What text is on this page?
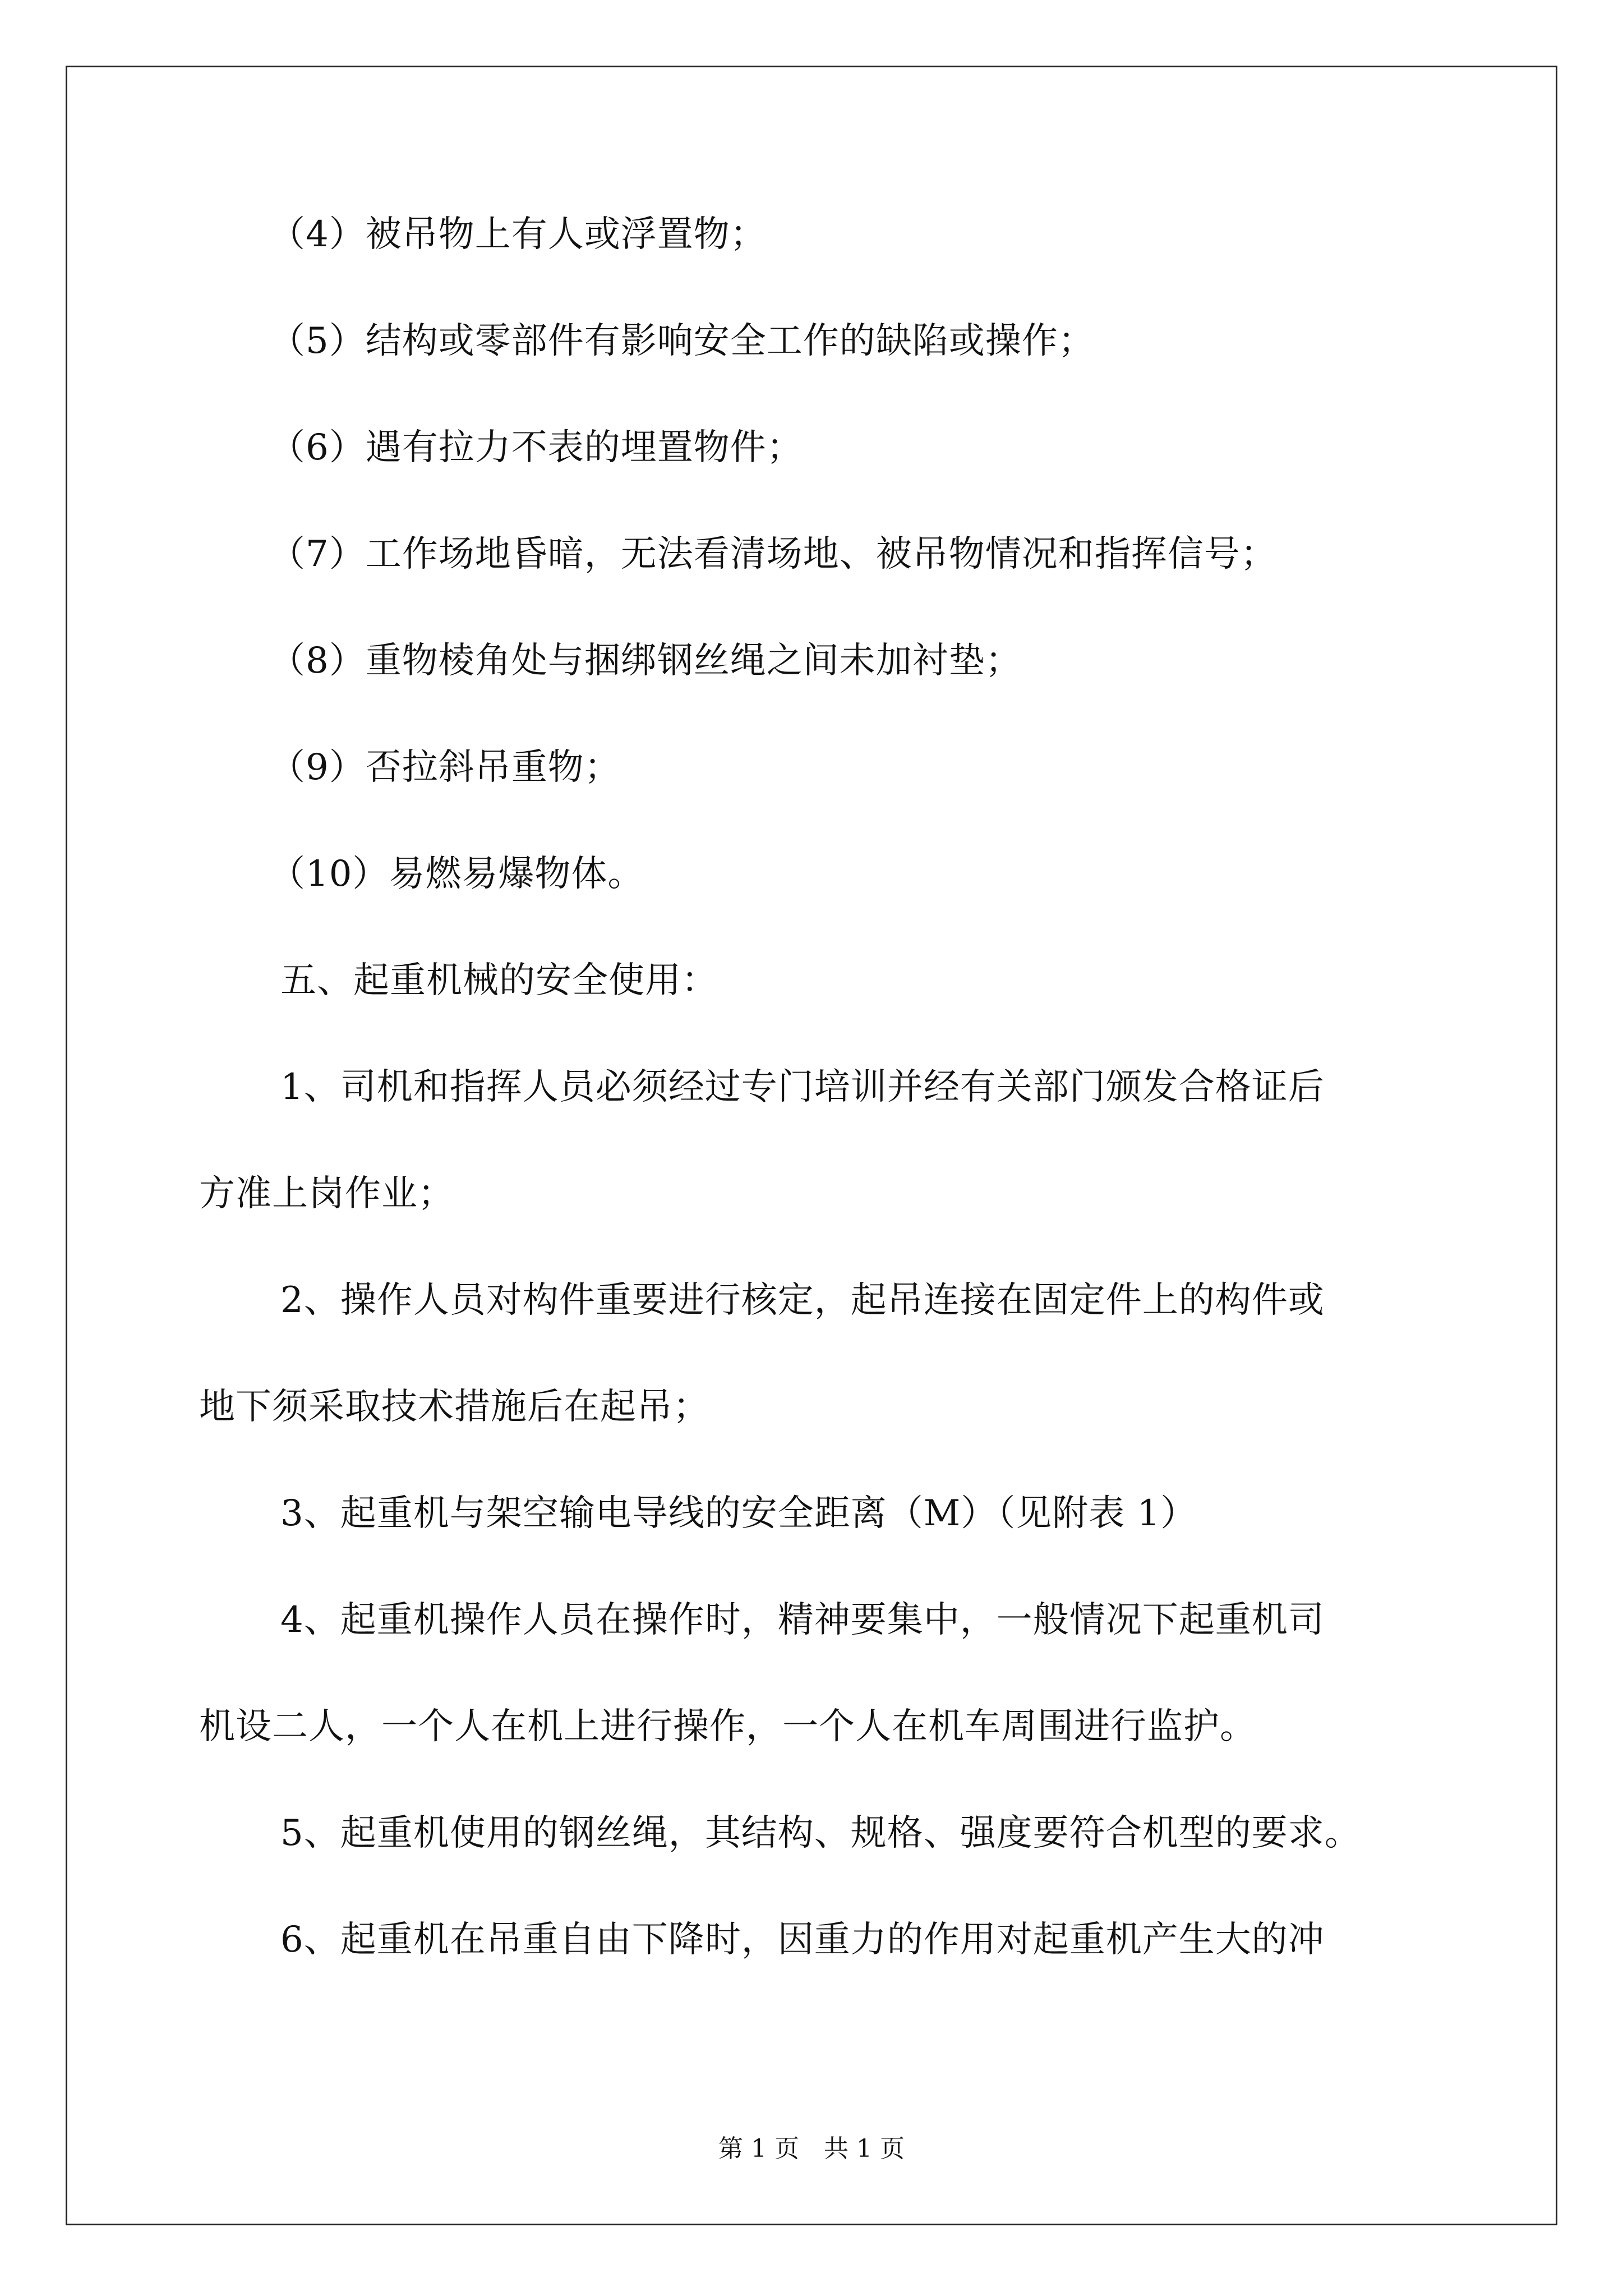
（4）被吊物上有人或浮置物；
（5）结构或零部件有影响安全工作的缺陷或操作；
（6）遇有拉力不表的埋置物件；
（7）工作场地昏暗，无法看清场地、被吊物情况和指挥信号；
（8）重物棱角处与捆绑钢丝绳之间未加衬垫；
（9）否拉斜吊重物；
（10）易燃易爆物体。
五、起重机械的安全使用：
1、司机和指挥人员必须经过专门培训并经有关部门颁发合格证后
方准上岗作业；
2、操作人员对构件重要进行核定，起吊连接在固定件上的构件或
地下须采取技术措施后在起吊；
3、起重机与架空输电导线的安全距离（M）（见附表 1）
4、起重机操作人员在操作时，精神要集中，一般情况下起重机司
机设二人，一个人在机上进行操作，一个人在机车周围进行监护。
5、起重机使用的钢丝绳，其结构、规格、强度要符合机型的要求。
6、起重机在吊重自由下降时，因重力的作用对起重机产生大的冲
第 1 页 共 1 页
